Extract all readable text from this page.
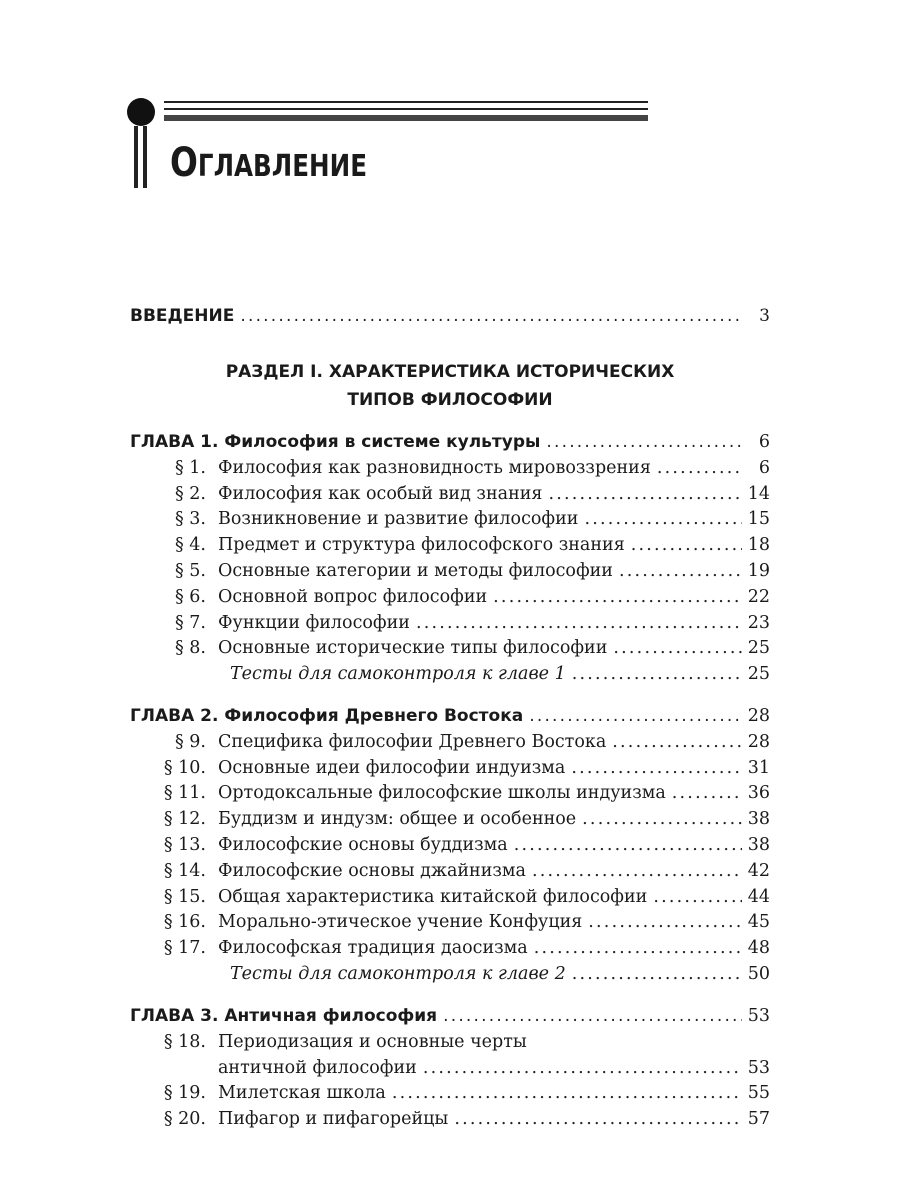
ОГЛАВЛЕНИЕ
ВВЕДЕНИЕ .....	3
РАЗДЕЛ I. ХАРАКТЕРИСТИКА ИСТОРИЧЕСКИХ
ТИПОВ ФИЛОСОФИИ
ГЛАВА 1. Философия в системе культуры .....	6
§ 1. Философия как разновидность мировоззрения .....	6
§ 2. Философия как особый вид знания .....	14
§ 3. Возникновение и развитие философии .....	15
§ 4. Предмет и структура философского знания .....	18
§ 5. Основные категории и методы философии .....	19
§ 6. Основной вопрос философии .....	22
§ 7. Функции философии .....	23
§ 8. Основные исторические типы философии .....	25
Тесты для самоконтроля к главе 1 .....	25
ГЛАВА 2. Философия Древнего Востока .....	28
§ 9. Специфика философии Древнего Востока .....	28
§ 10. Основные идеи философии индуизма .....	31
§ 11. Ортодоксальные философские школы индуизма .....	36
§ 12. Буддизм и индузм: общее и особенное .....	38
§ 13. Философские основы буддизма .....	38
§ 14. Философские основы джайнизма .....	42
§ 15. Общая характеристика китайской философии .....	44
§ 16. Морально-этическое учение Конфуция .....	45
§ 17. Философская традиция даосизма .....	48
Тесты для самоконтроля к главе 2 .....	50
ГЛАВА 3. Античная философия .....	53
§ 18. Периодизация и основные черты
античной философии .....	53
§ 19. Милетская школа .....	55
§ 20. Пифагор и пифагорейцы .....	57
